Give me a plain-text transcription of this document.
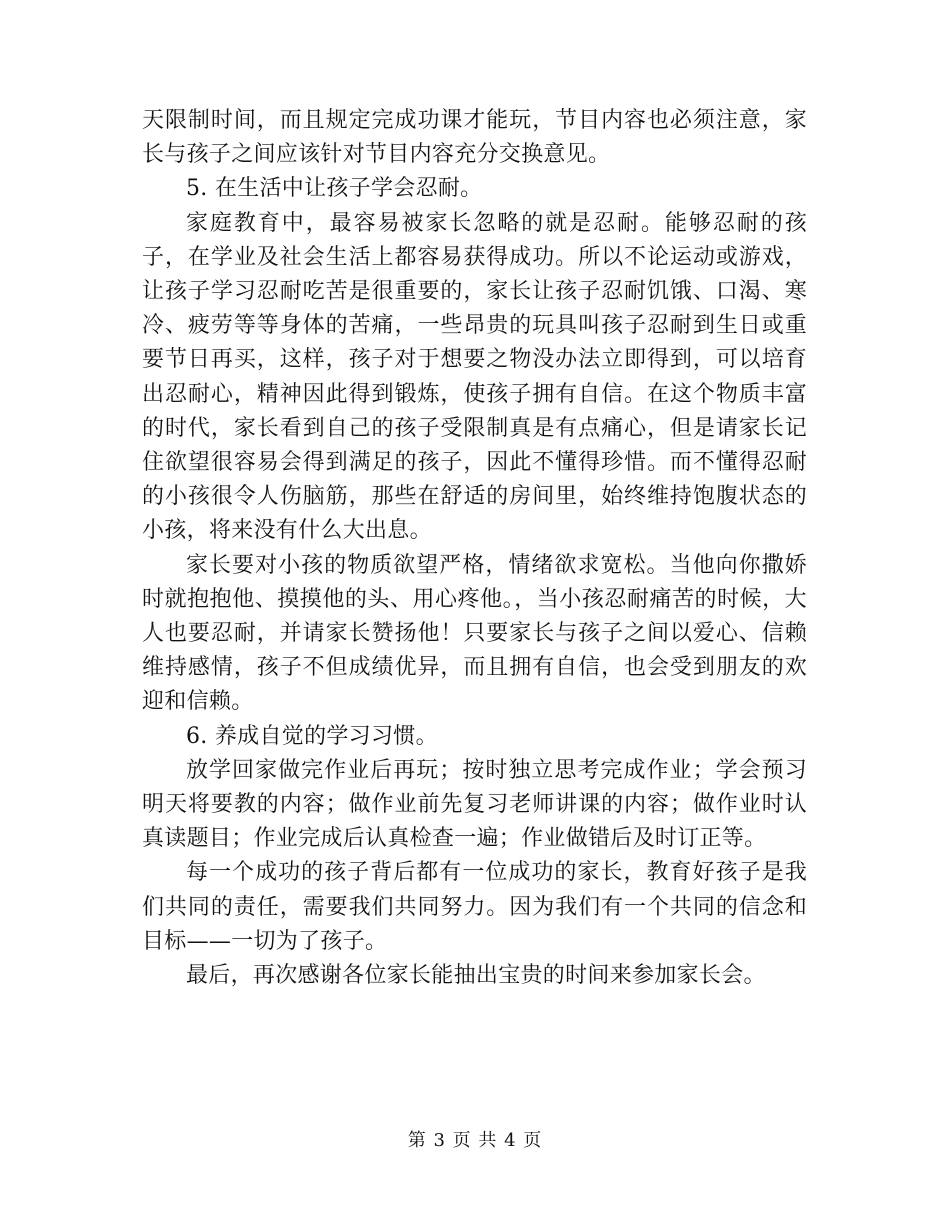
天限制时间，而且规定完成功课才能玩，节目内容也必须注意，家长与孩子之间应该针对节目内容充分交换意见。

5. 在生活中让孩子学会忍耐。

家庭教育中，最容易被家长忽略的就是忍耐。能够忍耐的孩子，在学业及社会生活上都容易获得成功。所以不论运动或游戏，让孩子学习忍耐吃苦是很重要的，家长让孩子忍耐饥饿、口渴、寒冷、疲劳等等身体的苦痛，一些昂贵的玩具叫孩子忍耐到生日或重要节日再买，这样，孩子对于想要之物没办法立即得到，可以培育出忍耐心，精神因此得到锻炼，使孩子拥有自信。在这个物质丰富的时代，家长看到自己的孩子受限制真是有点痛心，但是请家长记住欲望很容易会得到满足的孩子，因此不懂得珍惜。而不懂得忍耐的小孩很令人伤脑筋，那些在舒适的房间里，始终维持饱腹状态的小孩，将来没有什么大出息。

家长要对小孩的物质欲望严格，情绪欲求宽松。当他向你撒娇时就抱抱他、摸摸他的头、用心疼他。，当小孩忍耐痛苦的时候，大人也要忍耐，并请家长赞扬他！只要家长与孩子之间以爱心、信赖维持感情，孩子不但成绩优异，而且拥有自信，也会受到朋友的欢迎和信赖。

6. 养成自觉的学习习惯。

放学回家做完作业后再玩；按时独立思考完成作业；学会预习明天将要教的内容；做作业前先复习老师讲课的内容；做作业时认真读题目；作业完成后认真检查一遍；作业做错后及时订正等。

每一个成功的孩子背后都有一位成功的家长，教育好孩子是我们共同的责任，需要我们共同努力。因为我们有一个共同的信念和目标——一切为了孩子。

最后，再次感谢各位家长能抽出宝贵的时间来参加家长会。

第 3 页 共 4 页
